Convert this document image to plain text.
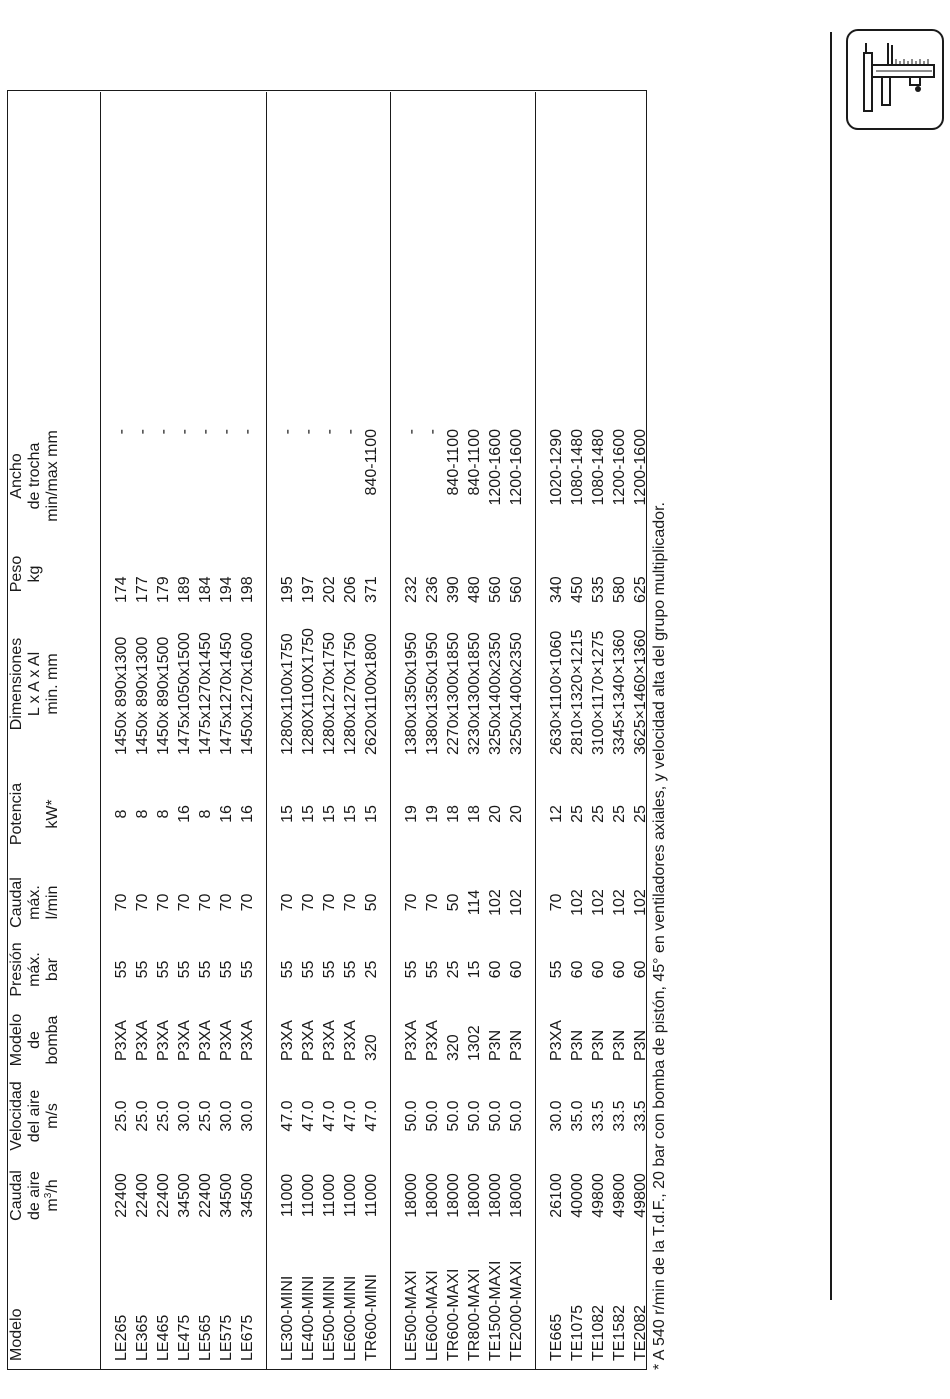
Modelo	Caudal de aire $m^3/h$	Velocidad del aire m/s	Modelo de bomba	Presión máx. bar	Caudal máx. l/min	Potencia kW*	Dimensiones L x A x Al min. mm	Peso kg	Ancho de trocha min/max mm

LE265	22400	25.0	P3XA	55	70	8	1450x 890x1300	174	-

LE365	22400	25.0	P3XA	55	70	8	1450x 890x1300	177	-

LE465	22400	25.0	P3XA	55	70	8	1450x 890x1500	179	-

LE475	34500	30.0	P3XA	55	70	16	1475x1050x1500	189	-

LE565	22400	25.0	P3XA	55	70	8	1475x1270x1450	184	-

LE575	34500	30.0	P3XA	55	70	16	1475x1270x1450	194	-

LE675	34500	30.0	P3XA	55	70	16	1450x1270x1600	198	-

LE300-MINI	11000	47.0	P3XA	55	70	15	1280x1100x1750	195	-

LE400-MINI	11000	47.0	P3XA	55	70	15	1280X1100X1750	197	-

LE500-MINI	11000	47.0	P3XA	55	70	15	1280x1270x1750	202	-

LE600-MINI	11000	47.0	P3XA	55	70	15	1280x1270x1750	206	-

TR600-MINI	11000	47.0	320	25	50	15	2620x1100x1800	371	840-1100

LE500-MAXI	18000	50.0	P3XA	55	70	19	1380x1350x1950	232	-

LE600-MAXI	18000	50.0	P3XA	55	70	19	1380x1350x1950	236	-

TR600-MAXI	18000	50.0	320	25	50	18	2270x1300x1850	390	840-1100

TR800-MAXI	18000	50.0	1302	15	114	18	3230x1300x1850	480	840-1100

TE1500-MAXI	18000	50.0	P3N	60	102	20	3250x1400x2350	560	1200-1600

TE2000-MAXI	18000	50.0	P3N	60	102	20	3250x1400x2350	560	1200-1600

TE665	26100	30.0	P3XA	55	70	12	2630×1100×1060	340	1020-1290

TE1075	40000	35.0	P3N	60	102	25	2810×1320×1215	450	1080-1480

TE1082	49800	33.5	P3N	60	102	25	3100×1170×1275	535	1080-1480

TE1582	49800	33.5	P3N	60	102	25	3345×1340×1360	580	1200-1600

TE2082	49800	33.5	P3N	60	102	25	3625×1460×1360	625	1200-1600
* A 540 r/min de la T.d.F., 20 bar con bomba de pistón, 45° en ventiladores axiales, y velocidad alta del grupo multiplicador.
